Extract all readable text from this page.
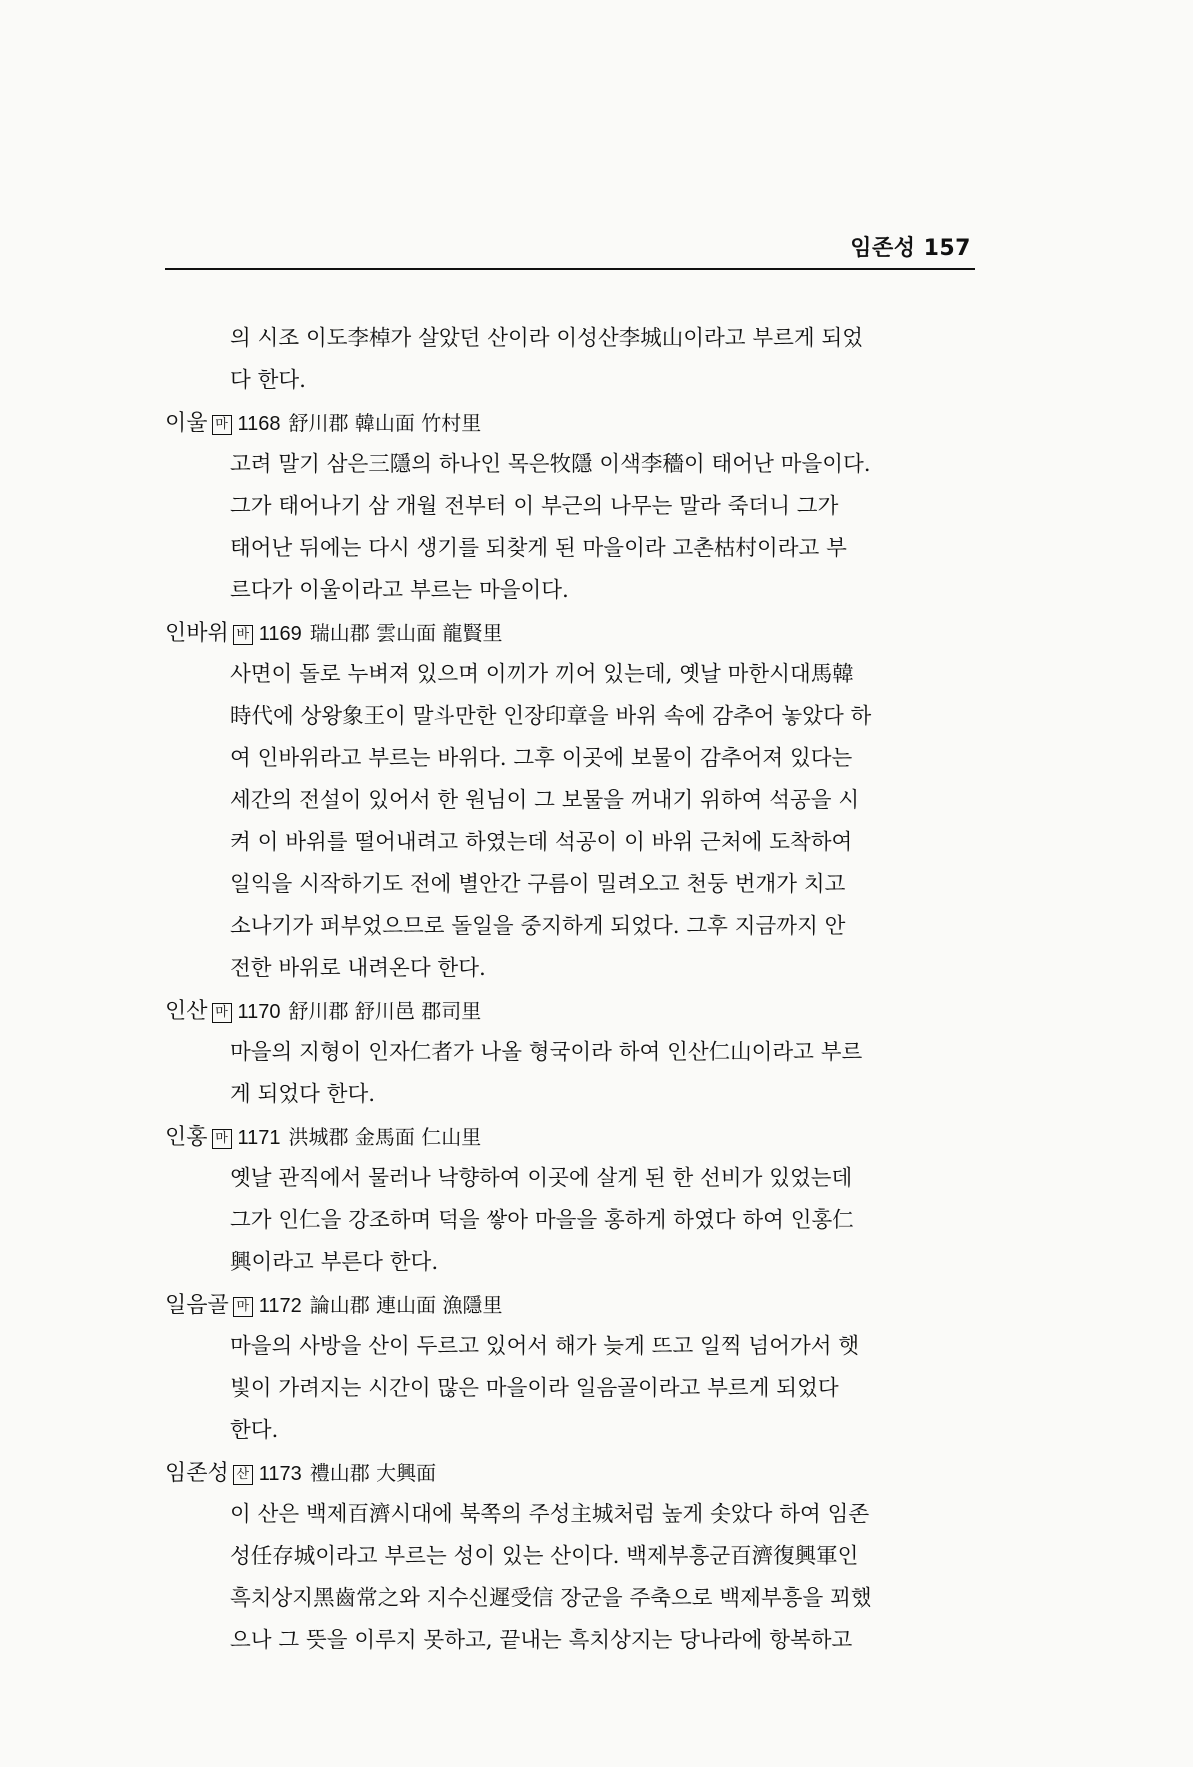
임존성 157
의 시조 이도李棹가 살았던 산이라 이성산李城山이라고 부르게 되었
다 한다.
이울 마 1168 舒川郡 韓山面 竹村里
고려 말기 삼은三隱의 하나인 목은牧隱 이색李穡이 태어난 마을이다.
그가 태어나기 삼 개월 전부터 이 부근의 나무는 말라 죽더니 그가
태어난 뒤에는 다시 생기를 되찾게 된 마을이라 고촌枯村이라고 부
르다가 이울이라고 부르는 마을이다.
인바위 바 1169 瑞山郡 雲山面 龍賢里
사면이 돌로 누벼져 있으며 이끼가 끼어 있는데, 옛날 마한시대馬韓
時代에 상왕象王이 말斗만한 인장印章을 바위 속에 감추어 놓았다 하
여 인바위라고 부르는 바위다. 그후 이곳에 보물이 감추어져 있다는
세간의 전설이 있어서 한 원님이 그 보물을 꺼내기 위하여 석공을 시
켜 이 바위를 떨어내려고 하였는데 석공이 이 바위 근처에 도착하여
일익을 시작하기도 전에 별안간 구름이 밀려오고 천둥 번개가 치고
소나기가 퍼부었으므로 돌일을 중지하게 되었다. 그후 지금까지 안
전한 바위로 내려온다 한다.
인산 마 1170 舒川郡 舒川邑 郡司里
마을의 지형이 인자仁者가 나올 형국이라 하여 인산仁山이라고 부르
게 되었다 한다.
인홍 마 1171 洪城郡 金馬面 仁山里
옛날 관직에서 물러나 낙향하여 이곳에 살게 된 한 선비가 있었는데
그가 인仁을 강조하며 덕을 쌓아 마을을 홍하게 하였다 하여 인홍仁
興이라고 부른다 한다.
일음골 마 1172 論山郡 連山面 漁隱里
마을의 사방을 산이 두르고 있어서 해가 늦게 뜨고 일찍 넘어가서 햇
빛이 가려지는 시간이 많은 마을이라 일음골이라고 부르게 되었다
한다.
임존성 산 1173 禮山郡 大興面
이 산은 백제百濟시대에 북쪽의 주성主城처럼 높게 솟았다 하여 임존
성任存城이라고 부르는 성이 있는 산이다. 백제부흥군百濟復興軍인
흑치상지黑齒常之와 지수신遲受信 장군을 주축으로 백제부흥을 꾀했
으나 그 뜻을 이루지 못하고, 끝내는 흑치상지는 당나라에 항복하고
